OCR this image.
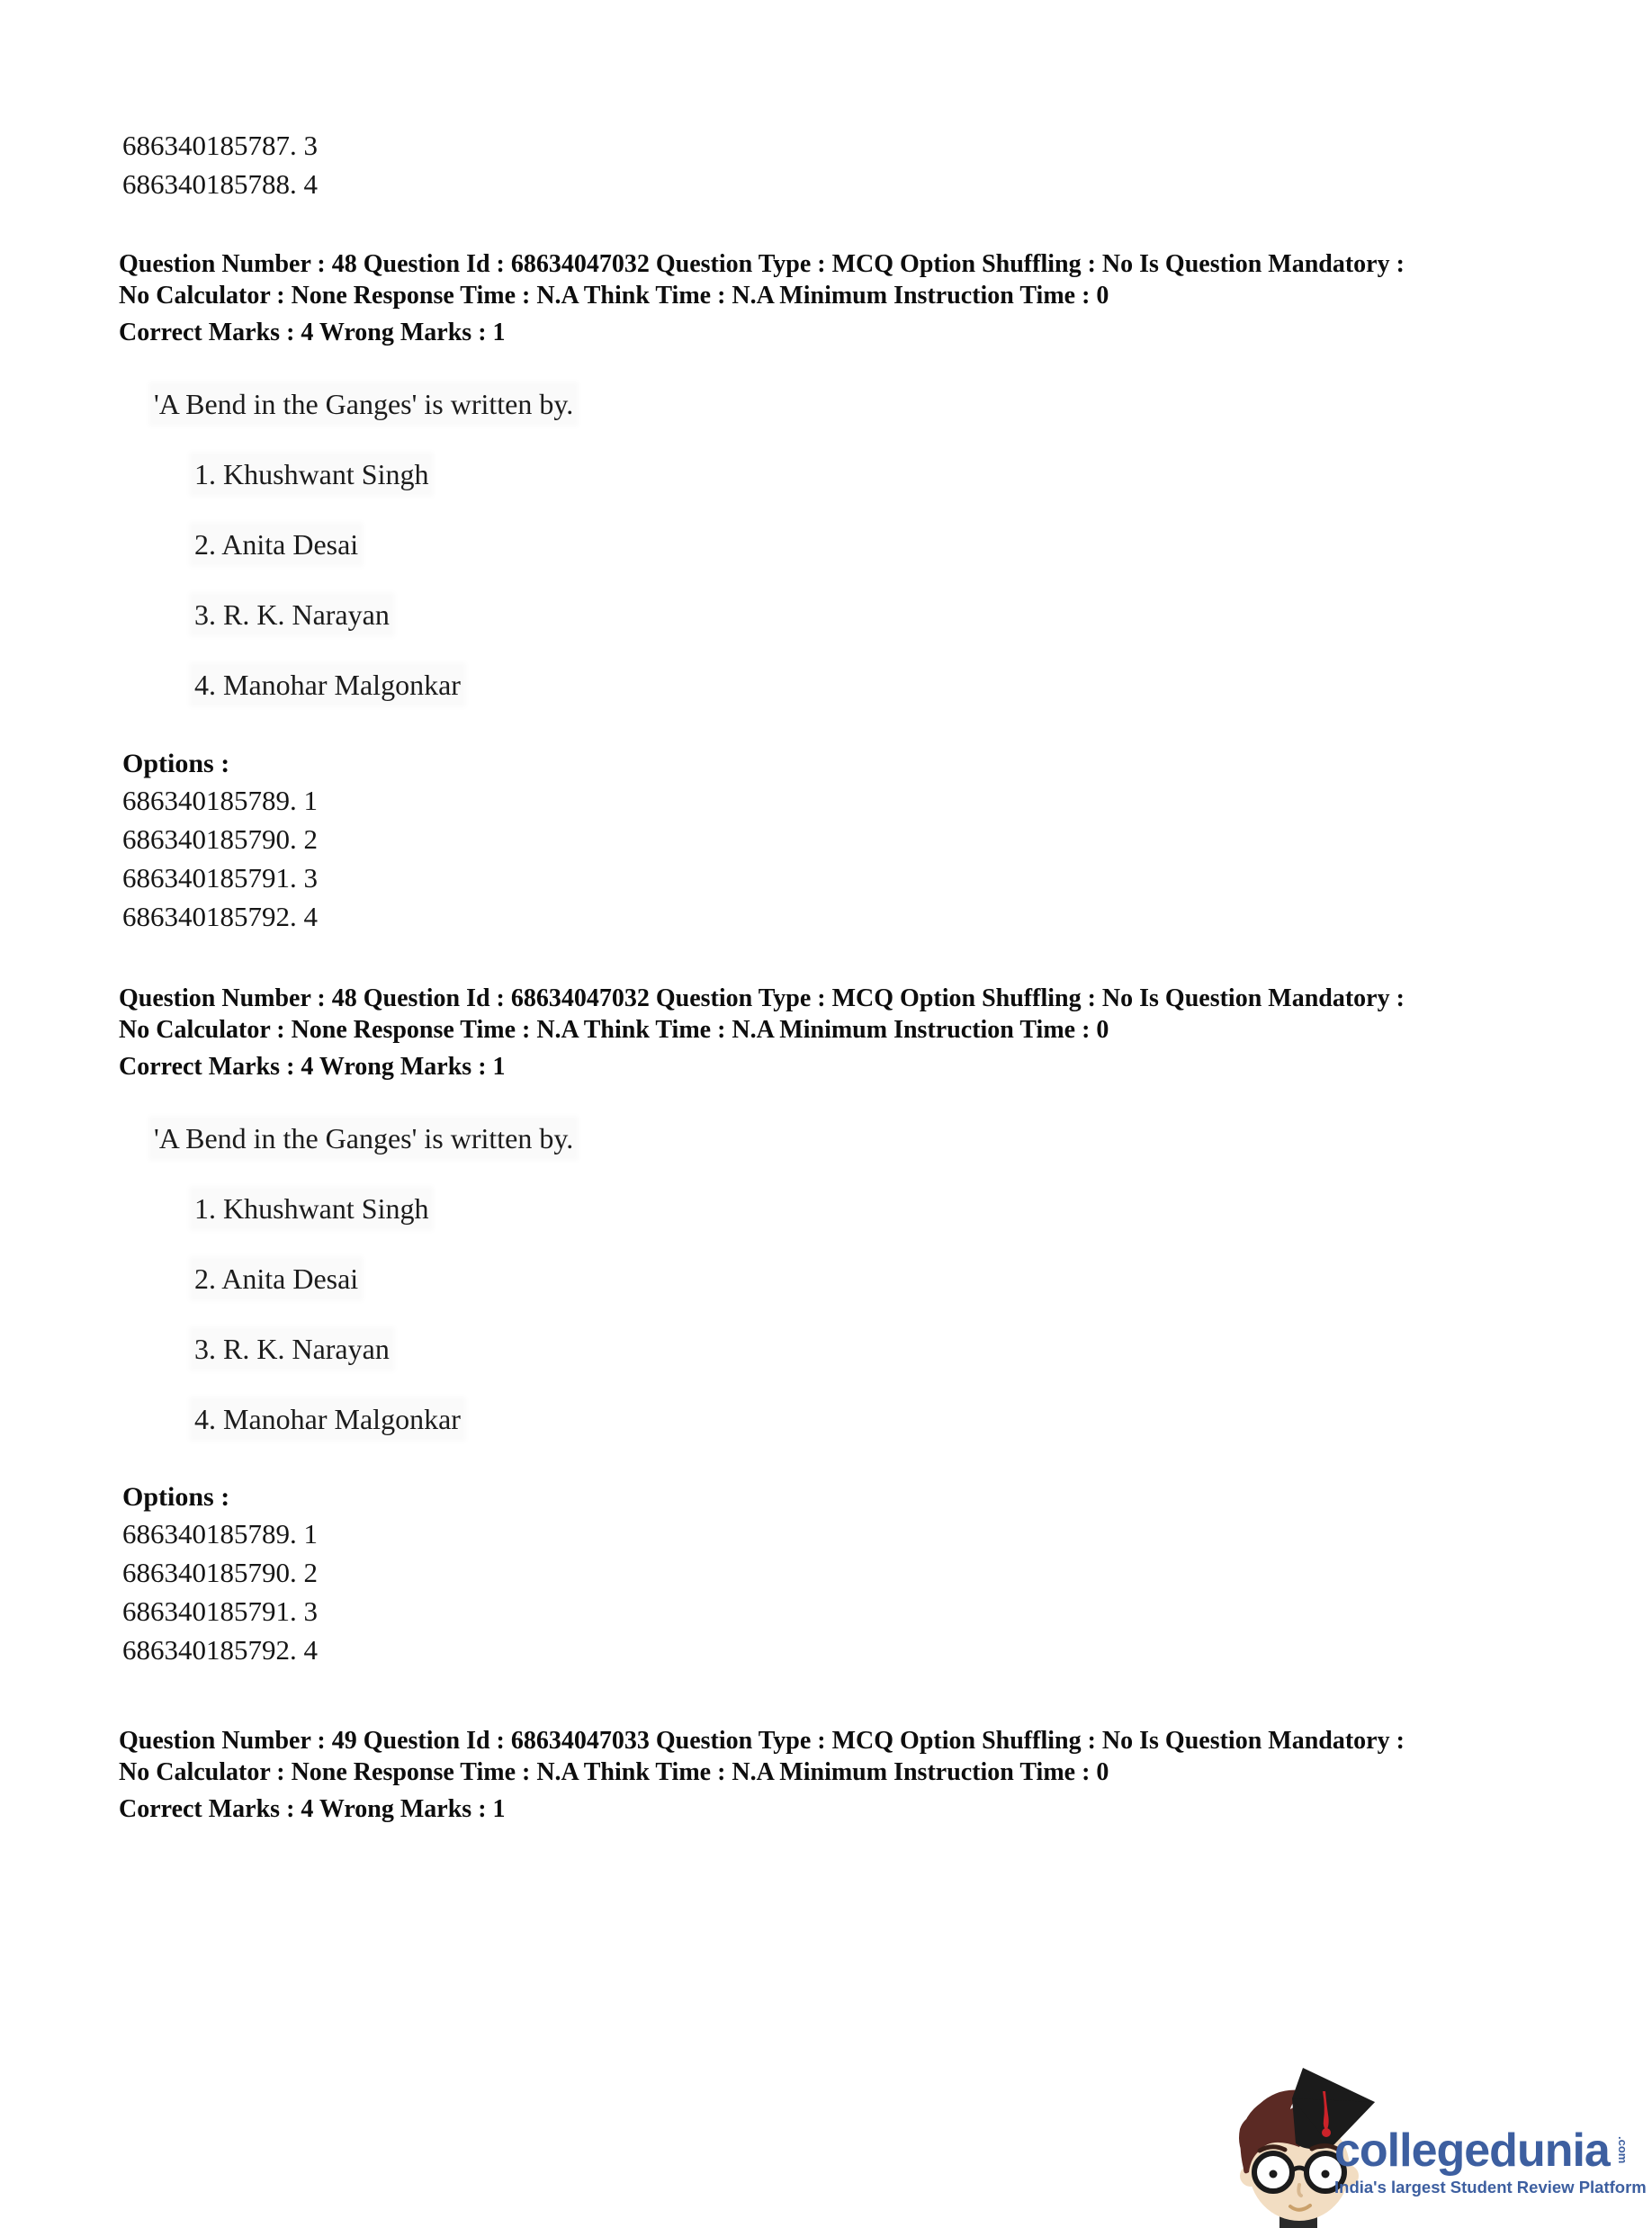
686340185787. 3
686340185788. 4
Question Number : 48 Question Id : 68634047032 Question Type : MCQ Option Shuffling : No Is Question Mandatory :
No Calculator : None Response Time : N.A Think Time : N.A Minimum Instruction Time : 0
Correct Marks : 4 Wrong Marks : 1
'A Bend in the Ganges' is written by.
1. Khushwant Singh
2. Anita Desai
3. R. K. Narayan
4. Manohar Malgonkar
Options :
686340185789. 1
686340185790. 2
686340185791. 3
686340185792. 4
Question Number : 48 Question Id : 68634047032 Question Type : MCQ Option Shuffling : No Is Question Mandatory :
No Calculator : None Response Time : N.A Think Time : N.A Minimum Instruction Time : 0
Correct Marks : 4 Wrong Marks : 1
'A Bend in the Ganges' is written by.
1. Khushwant Singh
2. Anita Desai
3. R. K. Narayan
4. Manohar Malgonkar
Options :
686340185789. 1
686340185790. 2
686340185791. 3
686340185792. 4
Question Number : 49 Question Id : 68634047033 Question Type : MCQ Option Shuffling : No Is Question Mandatory :
No Calculator : None Response Time : N.A Think Time : N.A Minimum Instruction Time : 0
Correct Marks : 4 Wrong Marks : 1
collegedunia .com
India's largest Student Review Platform
